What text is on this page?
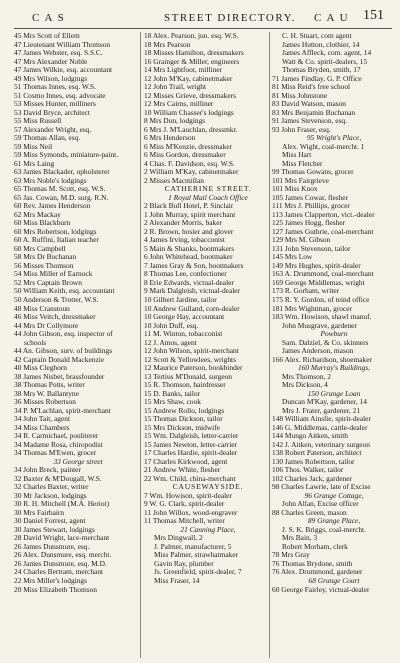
C A S	STREET DIRECTORY. C A U 151
45 Mrs Scott of Ellem
47 Lieutenant William Thomson
47 James Webster, esq. S.S.C.
47 Mrs Alexander Noble
47 James Wilkie, esq. accountant
49 Mrs Wilson, lodgings
51 Thomas Innes, esq. W.S.
51 Cosmo Innes, esq. advocate
53 Misses Hunter, milliners
53 David Bryce, architect
55 Miss Russell
57 Alexander Wright, esq.
59 Thomas Allan, esq.
59 Miss Neil
59 Miss Symonds, miniature-paint.
61 Mrs Laing
63 James Blackader, upholsterer
63 Mrs Noble's lodgings
65 Thomas M. Scott, esq. W.S.
65 Jas. Cowan, M.D. surg. R.N.
60 Rev. James Henderson
62 Mrs Mackay
60 Miss Blackburn
60 Mrs Robertson, lodgings
60 A. Ruffini, Italian teacher
60 Mrs Campbell
58 Mrs Dr Buchanan
56 Misses Thomson
54 Miss Miller of Earnock
52 Mrs Captain Brown
50 William Keith, esq. accountant
50 Anderson & Trotter, W.S.
48 Miss Cranstoun
46 Miss Veitch, dressmaker
44 Mrs Dr Collymore
44 John Gibson, esq. inspector of
schools
44 An. Gibson, surv. of buildings
42 Captain Donald Mackenzie
40 Miss Cleghorn
38 James Nisbet, brassfounder
38 Thomas Potts, writer
38 Mrs W. Ballantyne
36 Misses Robertson
34 P. M'Lachlan, spirit-merchant
34 John Tait, agent
34 Miss Chambers
34 R. Carmichael, pouliterer
34 Madame Rosa, chiropodist
34 Thomas M'Ewen, grocer
33 George street
34 John Breck, painter
32 Baxter & M'Dougall, W.S.
32 Charles Baxter, writer
30 Mr Jackson, lodgings
30 R. H. Mitchell (M.A. Heriot)
30 Mrs Fairbairn
30 Daniel Forrest, agent
30 James Stewart, lodgings
28 David Wright, lace-merchant
26 James Dunsmure, esq.
26 Alex. Dunsmure, esq. mercht.
26 James Dunsmure, esq. M.D.
24 Charles Bertram, merchant
22 Mrs Miller's lodgings
20 Miss Elizabeth Thomson
18 Alex. Pearson, jun. esq. W.S.
18 Mrs Pearson
18 Misses Hamilton, dressmakers
16 Grainger & Miller, engineers
14 Mrs Lightfoot, milliner
12 John M'Kay, cabinetmaker
12 John Trail, wright
12 Misses Grieve, dressmakers
12 Mrs Cairns, milliner
10 William Chasser's lodgings
8 Mrs Dun, lodgings
6 Mrs J. M'Lauchlan, dressmkr.
6 Mrs Henderson
6 Miss M'Kenzie, dressmaker
6 Miss Gordon, dressmaker
4 Chas. F. Davidson, esq. W.S.
2 William M'Kay, cabinetmaker
2 Misses Macmillan
CATHERINE STREET.
1 Royal Mail Coach Office
2 Black Bull Hotel, P. Sinclair
1 John Murray, spirit merchant
2 Alexander Morris, baker
2 R. Brown, hosier and glover
4 James Irving, tobacconist
5 Main & Shanks, bootmakers
6 John Whitehead, bootmaker
7 James Gray & Son, bootmakers
8 Thomas Lee, confectioner
8 Erie Edwards, victual-dealer
9 Mark Dalgleish, victual-dealer
10 Gilbert Jardine, tailor
10 Andrew Gulland, corn-dealer
10 George Hay, accountant
10 John Duff, esq.
11 M. Winton, tobacconist
12 J. Amos, agent
12 John Wilson, spirit-merchant
12 Scott & Yellowlees, wrights
12 Maurice Paterson, bookbinder
13 Tertius M'Donald, surgeon
15 R. Thomson, hairdresser
15 D. Banks, tailor
15 Mrs Shaw, cook
15 Andrew Rollo, lodgings
15 Thomas Dickson, tailor
15 Mrs Dickson, midwife
15 Wm. Dalgleish, letter-carrier
15 James Newton, letter-carrier
17 Charles Hardie, spirit-dealer
17 Charles Kirkwood, agent
21 Andrew White, flesher
22 Wm. Child, china-merchant
CAUSEWAYSIDE.
7 Wm. Howison, spirit-dealer
9 W. G. Clark, spirit-dealer
11 John Willox, wood-engraver
11 Thomas Mitchell, writer
21 Canning Place,
Mrs Dingwall, 2
J. Palmer, manufacturer, 5
Miss Palmer, strawhatmaker
Gavin Ray, plumber
Js. Greenfield, spirit-dealer, 7
Miss Fraser, 14
C. H. Stuart, com agent
James Hutton, clothier, 14
James Affleck, com. agent, 14
Watt & Co. spirit-dealers, 15
Thomas Bryden, smith, 17
71 James Findlay, G. P. Office
81 Miss Reid's free school
81 Miss Johnstone
83 David Watson, mason
83 Mrs Benjamin Buchanan
91 James Stevenson, esq.
93 John Fraser, esq.
95 Wright's Place,
Alex. Wight, coal-mercht. 1
Miss Hart
Miss Fletcher
99 Thomas Gowans, grocer
101 Mrs Fairgrieve
101 Miss Knox
105 James Cowar, flesher
111 Mrs J. Phillips, grocer
113 James Clapperton, vict.-dealer
125 James Hogg, flesher
127 James Guthrie, coal-merchant
129 Mrs M. Gibson
131 John Stevenson, tailor
145 Mrs Low
149 Mrs Hughes, spirit-dealer
163 A. Drummond, coal-merchant
169 George Middlemas, wright
173 R. Gorham, writer
175 R. Y. Gordon, of teind office
181 Mrs Wightman, grocer
183 Wm. Howison, shawl manuf.
John Musgrave, gardener
Powburn
Sam. Dalziel, & Co. skinners
James Anderson, mason
166 Alex. Richardson, shoemaker
160 Murray's Buildings,
Mrs Thomson, 2
Mrs Dickson, 4
150 Grange Loan
Duncan M'Kay, gardener, 14
Mrs J. Frater, gardener, 21
148 William Ainslie, spirit-dealer
146 G. Middlemas, cattle-dealer
144 Mungo Aitken, smith
142 J. Aitken, veterinary surgeon
138 Robert Paterson, architect
130 James Robertson, tailor
106 Thos. Walker, tailor
102 Charles Jack, gardener
98 Charles Lawrie, late of Excise
96 Grange Cottage,
John Allan, Excise officer
88 Charles Green, mason
89 Grange Place,
J. S. K. Briggs, coal-mercht.
Mrs Bain, 3
Robert Morham, clerk
78 Mrs Gray
76 Thomas Brydone, smith
76 Alex. Drummond, gardener
68 Grange Court
60 George Fairley, victual-dealer
